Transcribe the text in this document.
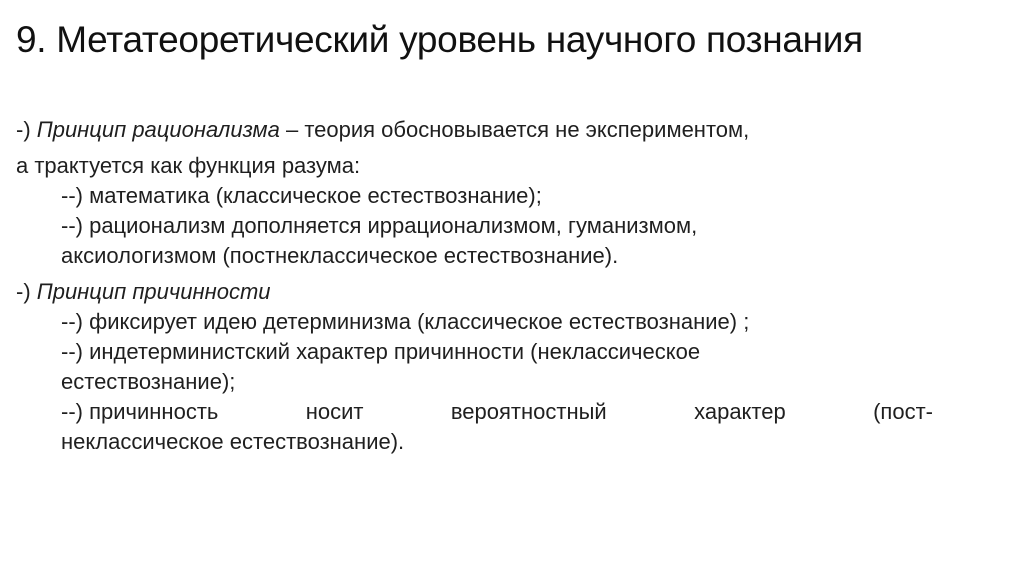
9. Метатеоретический уровень научного познания
-) Принцип рационализма – теория обосновывается не экспериментом,
а трактуется как функция разума:
--) математика (классическое естествознание);
--) рационализм дополняется иррационализмом, гуманизмом,
аксиологизмом (постнеклассическое естествознание).
-) Принцип причинности
--) фиксирует идею детерминизма (классическое естествознание) ;
--) индетерминистский характер причинности (неклассическое
естествознание);
--) причинность	носит	вероятностный	характер	(пост-
неклассическое естествознание).
